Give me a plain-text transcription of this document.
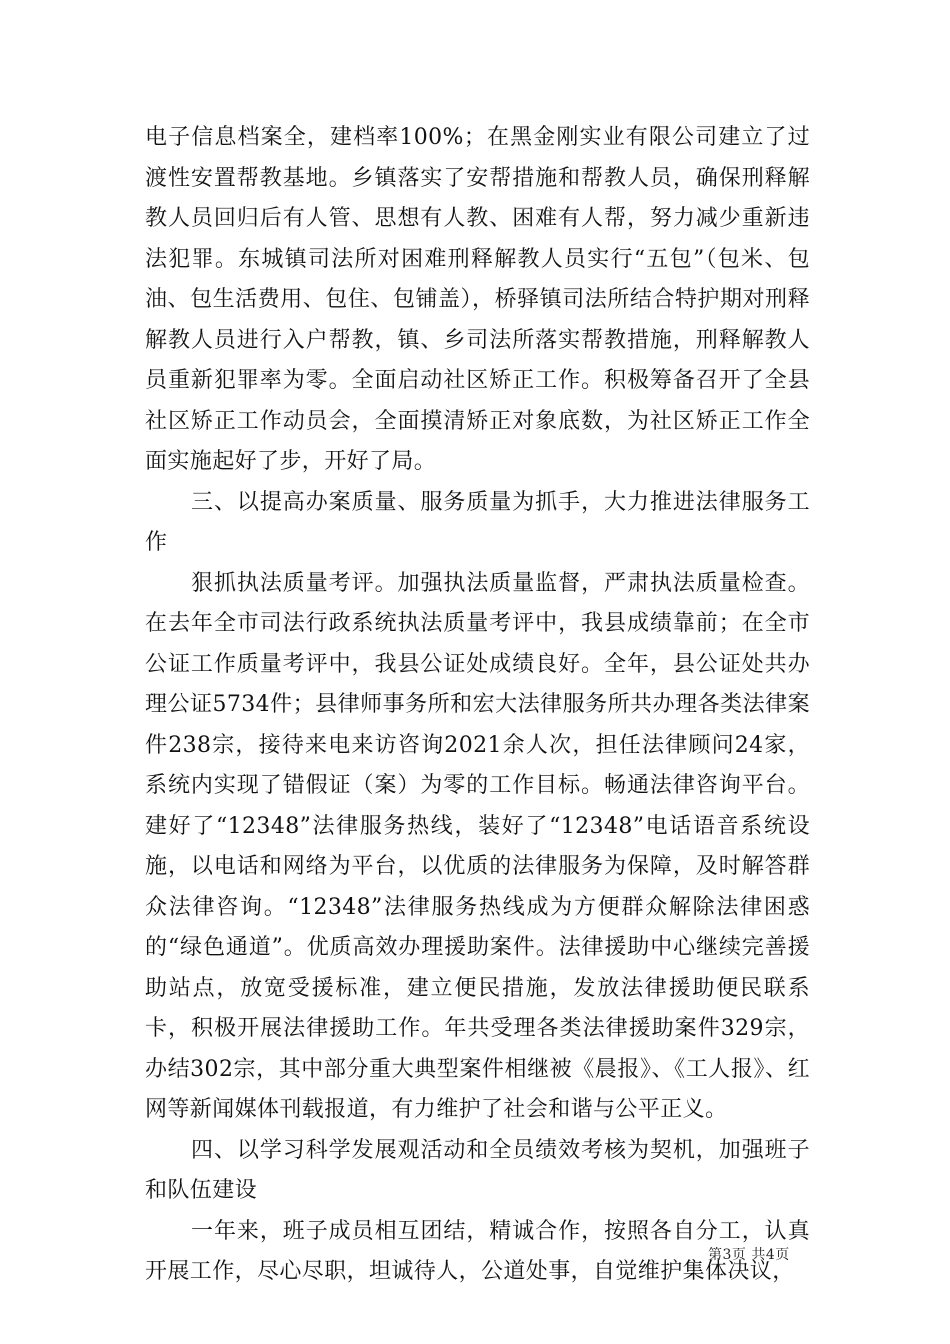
电子信息档案全，建档率100%；在黑金刚实业有限公司建立了过渡性安置帮教基地。乡镇落实了安帮措施和帮教人员，确保刑释解教人员回归后有人管、思想有人教、困难有人帮，努力减少重新违法犯罪。东城镇司法所对困难刑释解教人员实行“五包”（包米、包油、包生活费用、包住、包铺盖），桥驿镇司法所结合特护期对刑释解教人员进行入户帮教，镇、乡司法所落实帮教措施，刑释解教人员重新犯罪率为零。全面启动社区矫正工作。积极筹备召开了全县社区矫正工作动员会，全面摸清矫正对象底数，为社区矫正工作全面实施起好了步，开好了局。

三、以提高办案质量、服务质量为抓手，大力推进法律服务工作

狠抓执法质量考评。加强执法质量监督，严肃执法质量检查。在去年全市司法行政系统执法质量考评中，我县成绩靠前；在全市公证工作质量考评中，我县公证处成绩良好。全年，县公证处共办理公证5734件；县律师事务所和宏大法律服务所共办理各类法律案件238宗，接待来电来访咨询2021余人次，担任法律顾问24家，系统内实现了错假证（案）为零的工作目标。畅通法律咨询平台。建好了“12348”法律服务热线，装好了“12348”电话语音系统设施，以电话和网络为平台，以优质的法律服务为保障，及时解答群众法律咨询。“12348”法律服务热线成为方便群众解除法律困惑的“绿色通道”。优质高效办理援助案件。法律援助中心继续完善援助站点，放宽受援标准，建立便民措施，发放法律援助便民联系卡，积极开展法律援助工作。年共受理各类法律援助案件329宗，办结302宗，其中部分重大典型案件相继被《晨报》、《工人报》、红网等新闻媒体刊载报道，有力维护了社会和谐与公平正义。

四、以学习科学发展观活动和全员绩效考核为契机，加强班子和队伍建设

一年来，班子成员相互团结，精诚合作，按照各自分工，认真开展工作，尽心尽职，坦诚待人，公道处事，自觉维护集体决议，

第3页 共4页
